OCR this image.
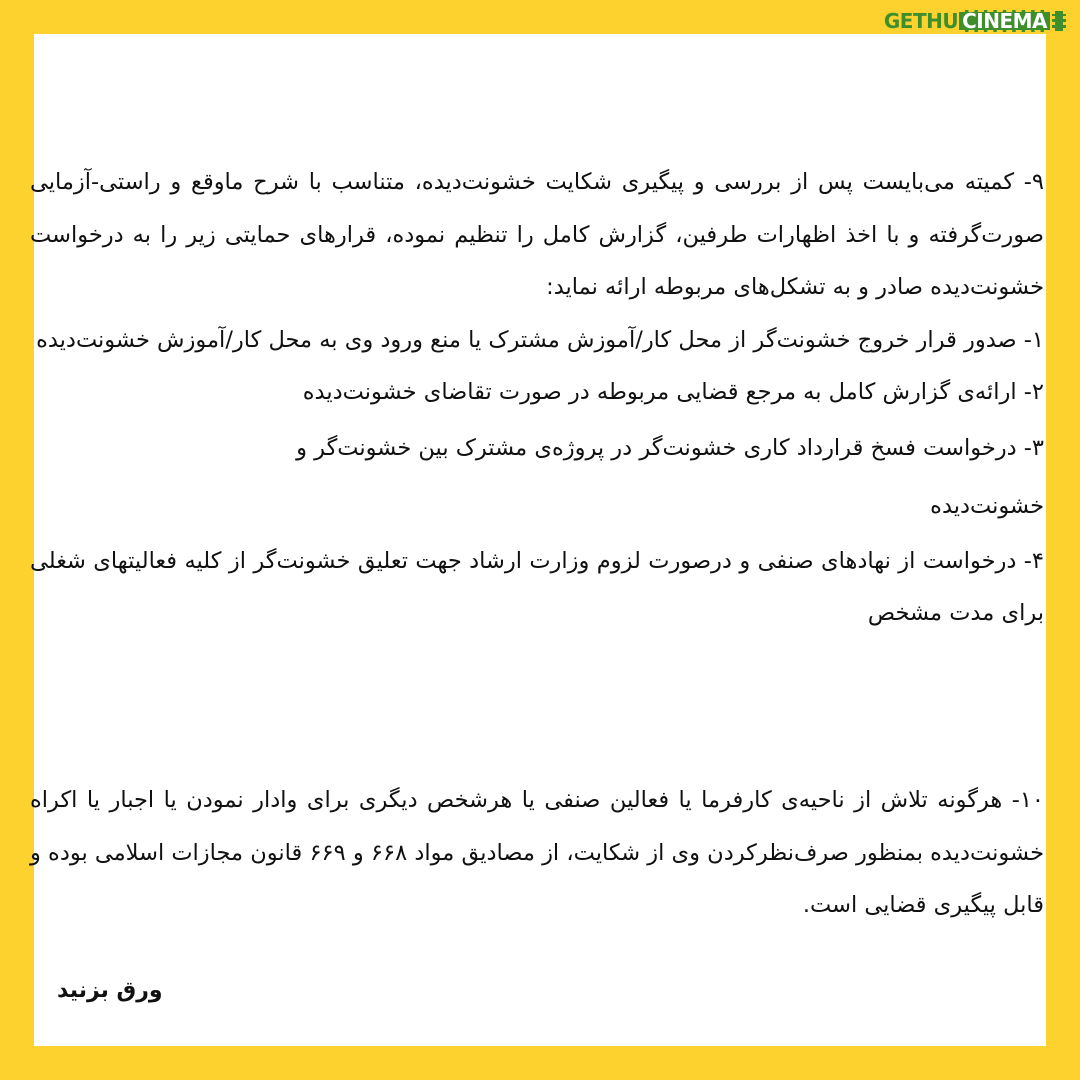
GETHU CINEMA

۹- کمیته می‌بایست پس از بررسی و پیگیری شکایت خشونت‌دیده، متناسب با شرح ماوقع و راستی-آزمایی صورت‌گرفته و با اخذ اظهارات طرفین، گزارش کامل را تنظیم نموده، قرارهای حمایتی زیر را به درخواست خشونت‌دیده صادر و به تشکل‌های مربوطه ارائه نماید:

۱- صدور قرار خروج خشونت‌گر از محل کار/آموزش مشترک یا منع ورود وی به محل کار/آموزش خشونت‌دیده

۲- ارائه‌ی گزارش کامل به مرجع قضایی مربوطه در صورت تقاضای خشونت‌دیده

۳- درخواست فسخ قرارداد کاری خشونت‌گر در پروژه‌ی مشترک بین خشونت‌گر و

خشونت‌دیده

۴- درخواست از نهادهای صنفی و درصورت لزوم وزارت ارشاد جهت تعلیق خشونت‌گر از کلیه فعالیتهای شغلی برای مدت مشخص

۱۰- هرگونه تلاش از ناحیه‌ی کارفرما یا فعالین صنفی یا هرشخص دیگری برای وادار نمودن یا اجبار یا اکراه خشونت‌دیده بمنظور صرف‌نظرکردن وی از شکایت، از مصادیق مواد ۶۶۸ و ۶۶۹ قانون مجازات اسلامی بوده و قابل پیگیری قضایی است.

ورق بزنید
